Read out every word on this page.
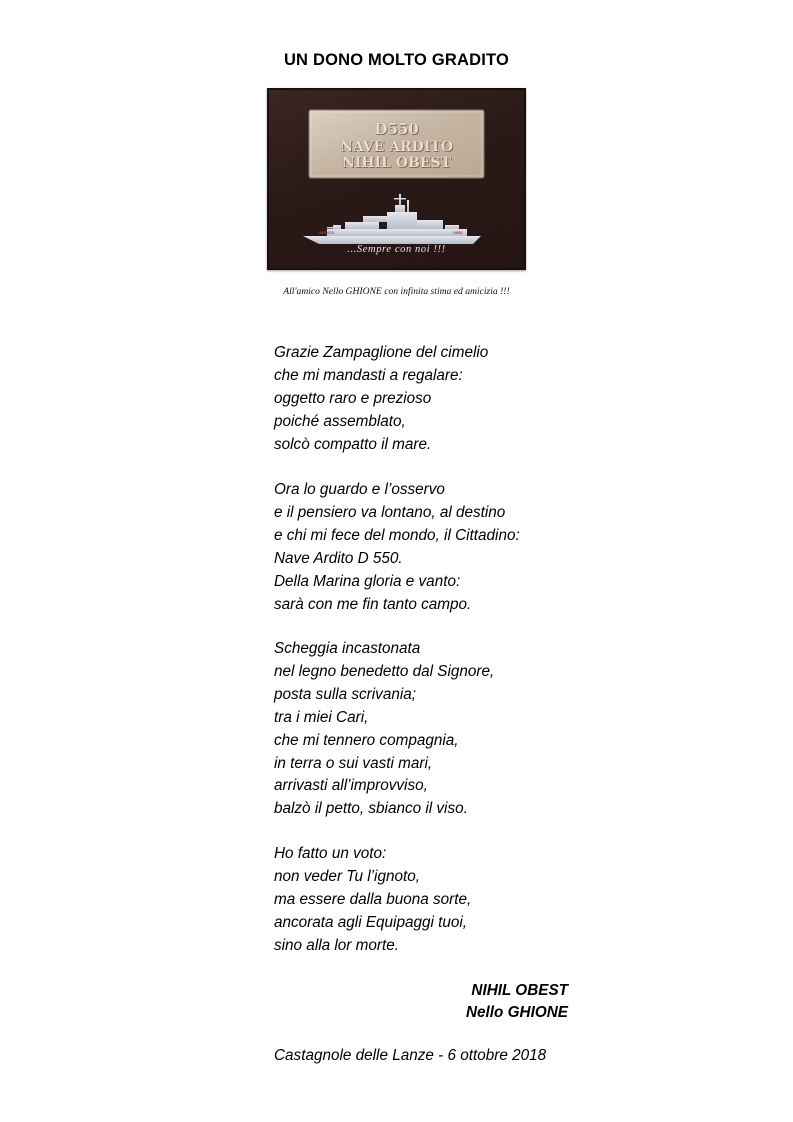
UN DONO MOLTO GRADITO
D550
NAVE ARDITO
NIHIL OBEST
ARDITO	D550
...Sempre con noi !!!
All'amico Nello GHIONE con infinita stima ed amicizia !!!
Grazie Zampaglione del cimelio
che mi mandasti a regalare:
oggetto raro e prezioso
poiché assemblato,
solcò compatto il mare.
Ora lo guardo e l’osservo
e il pensiero va lontano, al destino
e chi mi fece del mondo, il Cittadino:
Nave Ardito D 550.
Della Marina gloria e vanto:
sarà con me fin tanto campo.
Scheggia incastonata
nel legno benedetto dal Signore,
posta sulla scrivania;
tra i miei Cari,
che mi tennero compagnia,
in terra o sui vasti mari,
arrivasti all’improvviso,
balzò il petto, sbianco il viso.
Ho fatto un voto:
non veder Tu l’ignoto,
ma essere dalla buona sorte,
ancorata agli Equipaggi tuoi,
sino alla lor morte.
NIHIL OBEST
Nello GHIONE
Castagnole delle Lanze - 6 ottobre 2018
